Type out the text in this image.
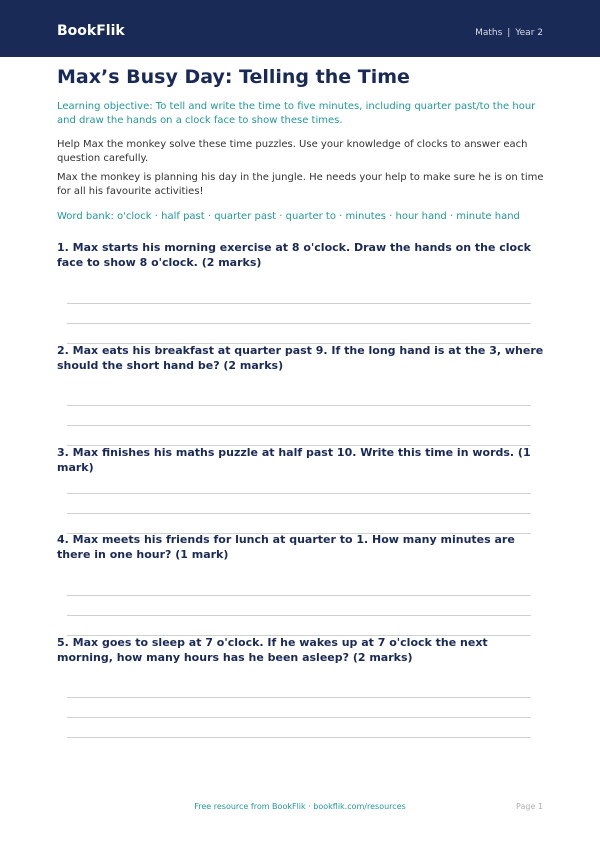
BookFlik	Maths | Year 2
Max’s Busy Day: Telling the Time
Learning objective: To tell and write the time to five minutes, including quarter past/to the hour and draw the hands on a clock face to show these times.
Help Max the monkey solve these time puzzles. Use your knowledge of clocks to answer each question carefully.
Max the monkey is planning his day in the jungle. He needs your help to make sure he is on time for all his favourite activities!
Word bank: o'clock · half past · quarter past · quarter to · minutes · hour hand · minute hand
1. Max starts his morning exercise at 8 o'clock. Draw the hands on the clock face to show 8 o'clock. (2 marks)
2. Max eats his breakfast at quarter past 9. If the long hand is at the 3, where should the short hand be? (2 marks)
3. Max finishes his maths puzzle at half past 10. Write this time in words. (1 mark)
4. Max meets his friends for lunch at quarter to 1. How many minutes are there in one hour? (1 mark)
5. Max goes to sleep at 7 o'clock. If he wakes up at 7 o'clock the next morning, how many hours has he been asleep? (2 marks)
Free resource from BookFlik · bookflik.com/resources	Page 1
